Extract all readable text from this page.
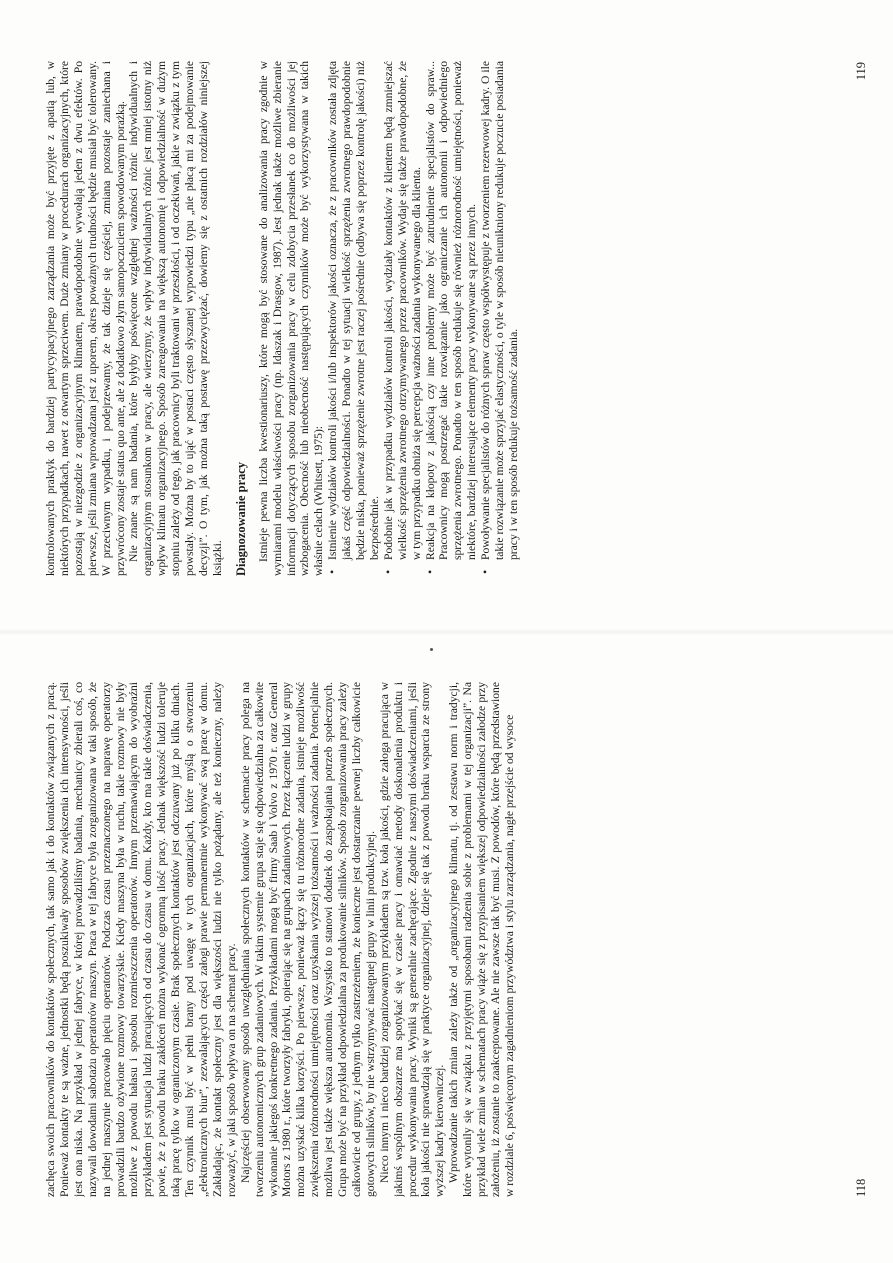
zachęca swoich pracowników do kontaktów społecznych, tak samo jak i do kontaktów związanych z pracą. Ponieważ kontakty te są ważne, jednostki będą poszukiwały sposobów zwiększenia ich intensywności, jeśli jest ona niska. Na przykład w jednej fabryce, w której prowadziliśmy badania, mechanicy zbierali coś, co nazywali dowodami sabotażu operatorów maszyn. Praca w tej fabryce była zorganizowana w taki sposób, że na jednej maszynie pracowało pięciu operatorów. Podczas czasu przeznaczonego na naprawę operatorzy prowadzili bardzo ożywione rozmowy towarzyskie. Kiedy maszyna była w ruchu, takie rozmowy nie były możliwe z powodu hałasu i sposobu rozmieszczenia operatorów. Innym przemawiającym do wyobraźni przykładem jest sytuacja ludzi pracujących od czasu do czasu w domu. Każdy, kto ma takie doświadczenia, powie, że z powodu braku zakłóceń można wykonać ogromną ilość pracy. Jednak większość ludzi toleruje taką pracę tylko w ograniczonym czasie. Brak społecznych kontaktów jest odczuwany już po kilku dniach. Ten czynnik musi być w pełni brany pod uwagę w tych organizacjach, które myślą o stworzeniu „elektronicznych biur”, zezwalających części załogi prawie permanentnie wykonywać swą pracę w domu. Zakładając, że kontakt społeczny jest dla większości ludzi nie tylko pożądany, ale też konieczny, należy rozważyć, w jaki sposób wpływa on na schemat pracy. Najczęściej obserwowany sposób uwzględniania społecznych kontaktów w schemacie pracy polega na tworzeniu autonomicznych grup zadaniowych. W takim systemie grupa staje się odpowiedzialna za całkowite wykonanie jakiegoś konkretnego zadania. Przykładami mogą być firmy Saab i Volvo z 1970 r. oraz General Motors z 1980 r., które tworzyły fabryki, opierając się na grupach zadaniowych. Przez łączenie ludzi w grupy można uzyskać kilka korzyści. Po pierwsze, ponieważ łączy się tu różnorodne zadania, istnieje możliwość zwiększenia różnorodności umiejętności oraz uzyskania wyższej tożsamości i ważności zadania. Potencjalnie możliwa jest także większa autonomia. Wszystko to stanowi dodatek do zaspokajania potrzeb społecznych. Grupa może być na przykład odpowiedzialna za produkowanie silników. Sposób zorganizowania pracy zależy całkowicie od grupy, z jednym tylko zastrzeżeniem, że konieczne jest dostarczanie pewnej liczby całkowicie gotowych silników, by nie wstrzymywać następnej grupy w linii produkcyjnej. Nieco innym i nieco bardziej zorganizowanym przykładem są tzw. koła jakości, gdzie załoga pracująca w jakimś wspólnym obszarze ma spotykać się w czasie pracy i omawiać metody doskonalenia produktu i procedur wykonywania pracy. Wyniki są generalnie zachęcające. Zgodnie z naszymi doświadczeniami, jeśli koła jakości nie sprawdzają się w praktyce organizacyjnej, dzieje się tak z powodu braku wsparcia ze strony wyższej kadry kierowniczej. Wprowadzanie takich zmian zależy także od „organizacyjnego klimatu, tj. od zestawu norm i tradycji, które wytonily się w związku z przyjętymi sposobami radzenia sobie z problemami w tej organizacji”. Na przykład wiele zmian w schematach pracy wiąże się z przypisaniem większej odpowiedzialności załodze przy założeniu, iż zostanie to zaakceptowane. Ale nie zawsze tak być musi. Z powodów, które będą przedstawione w rozdziale 6, poświęconym zagadnieniom przywództwa i stylu zarządzania, nagłe przejście od wysoce	118

kontrolowanych praktyk do bardziej partycypacyjnego zarządzania może być przyjęte z apatią lub, w niektórych przypadkach, nawet z otwartym sprzeciwem. Duże zmiany w procedurach organizacyjnych, które pozostają w niezgodzie z organizacyjnym klimatem, prawdopodobnie wywołają jeden z dwu efektów. Po pierwsze, jeśli zmiana wprowadzana jest z uporem, okres poważnych trudności będzie musiał być tolerowany. W przeciwnym wypadku, i podejrzewamy, że tak dzieje się częściej, zmiana pozostaje zaniechana i przywrócony zostaje status quo ante, ale z dodatkowo złym samopoczuciem spowodowanym porażką. Nie znane są nam badania, które byłyby poświęcone względnej ważności różnic indywidualnych i organizacyjnym stosunkom w pracy, ale wierzymy, że wpływ indywidualnych różnic jest mniej istotny niż wpływ klimatu organizacyjnego. Sposób zareagowania na większą autonomię i odpowiedzialność w dużym stopniu zależy od tego, jak pracownicy byli traktowani w przeszłości, i od oczekiwań, jakie w związku z tym powstały. Można by to ująć w postaci często słyszanej wypowiedzi typu „nie płacą mi za podejmowanie decyzji”. O tym, jak można taką postawę przezwyciężać, dowiemy się z ostatnich rozdziałów niniejszej książki. Diagnozowanie pracy Istnieje pewna liczba kwestionariuszy, które mogą być stosowane do analizowania pracy zgodnie w wymiarami modelu właściwości pracy (np. Idaszak i Drasgow, 1987). Jest jednak także możliwe zbieranie informacji dotyczących sposobu zorganizowania pracy w celu zdobycia przesłanek co do możliwości jej wzbogacenia. Obecność lub nieobecność następujących czynników może być wykorzystywana w takich właśnie celach (Whitsett, 1975): • Istnienie wydziałów kontroli jakości i/lub inspektorów jakości oznacza, że z pracowników została zdjęta jakaś część odpowiedzialności. Ponadto w tej sytuacji wielkość sprzężenia zwrotnego prawdopodobnie będzie niska, ponieważ sprzężenie zwrotne jest raczej pośrednie (odbywa się poprzez kontrolę jakości) niż bezpośrednie. • Podobnie jak w przypadku wydziałów kontroli jakości, wydziały kontaktów z klientem będą zmniejszać wielkość sprzężenia zwrotnego otrzymywanego przez pracowników. Wydaje się także prawdopodobne, że w tym przypadku obniża się percepcja ważności zadania wykonywanego dla klienta. • Reakcja na kłopoty z jakością czy inne problemy może być zatrudnienie specjalistów do spraw... Pracownicy mogą postrzegać takie rozwiązanie jako ograniczanie ich autonomii i odpowiedniego sprzężenia zwrotnego. Ponadto w ten sposób redukuje się również różnorodność umiejętności, ponieważ niektóre, bardziej interesujące elementy pracy wykonywane są przez innych. • Powoływanie specjalistów do różnych spraw często współwystępuje z tworzeniem rezerwowej kadry. O ile takie rozwiązanie może sprzyjać elastyczności, o tyle w sposób nieunikniony redukuje poczucie posiadania pracy i w ten sposób redukuje tożsamość zadania.
119
